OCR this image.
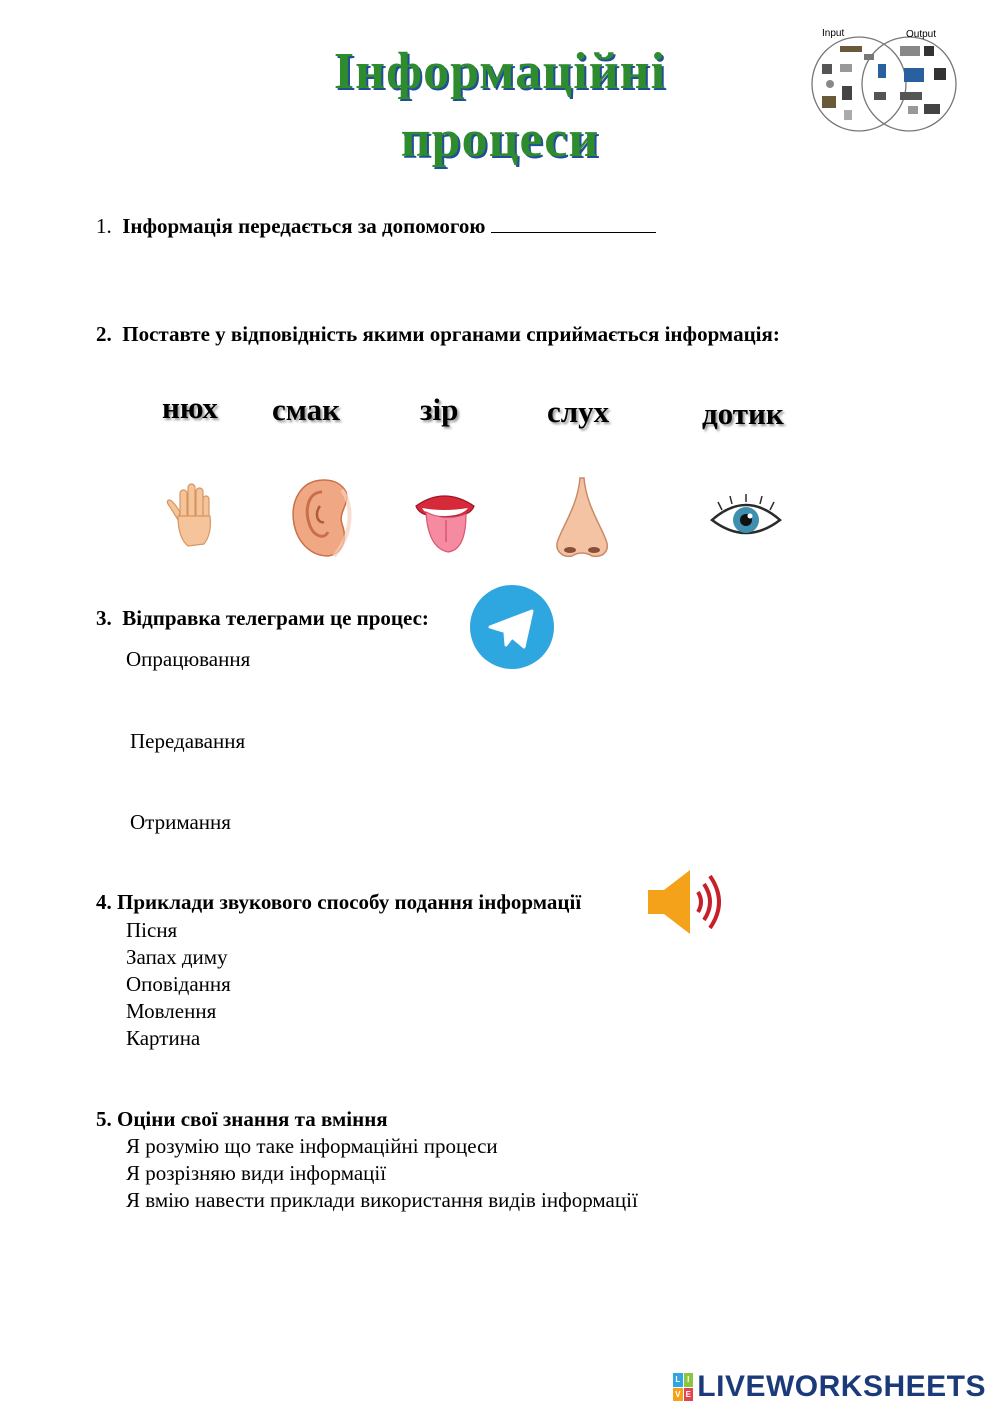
Інформаційні
процеси
Input	Output
1. Інформація передається за допомогою
2. Поставте у відповідність якими органами сприймається інформація:
нюх смак	зір	слух	дотик
3. Відправка телеграми це процес:
Опрацювання
Передавання
Отримання
4. Приклади звукового способу подання інформації
Пісня
Запах диму
Оповідання
Мовлення
Картина
5. Оціни свої знання та вміння
Я розумію що таке інформаційні процеси
Я розрізняю види інформації
Я вмію навести приклади використання видів інформації
L I
V E LIVEWORKSHEETS
